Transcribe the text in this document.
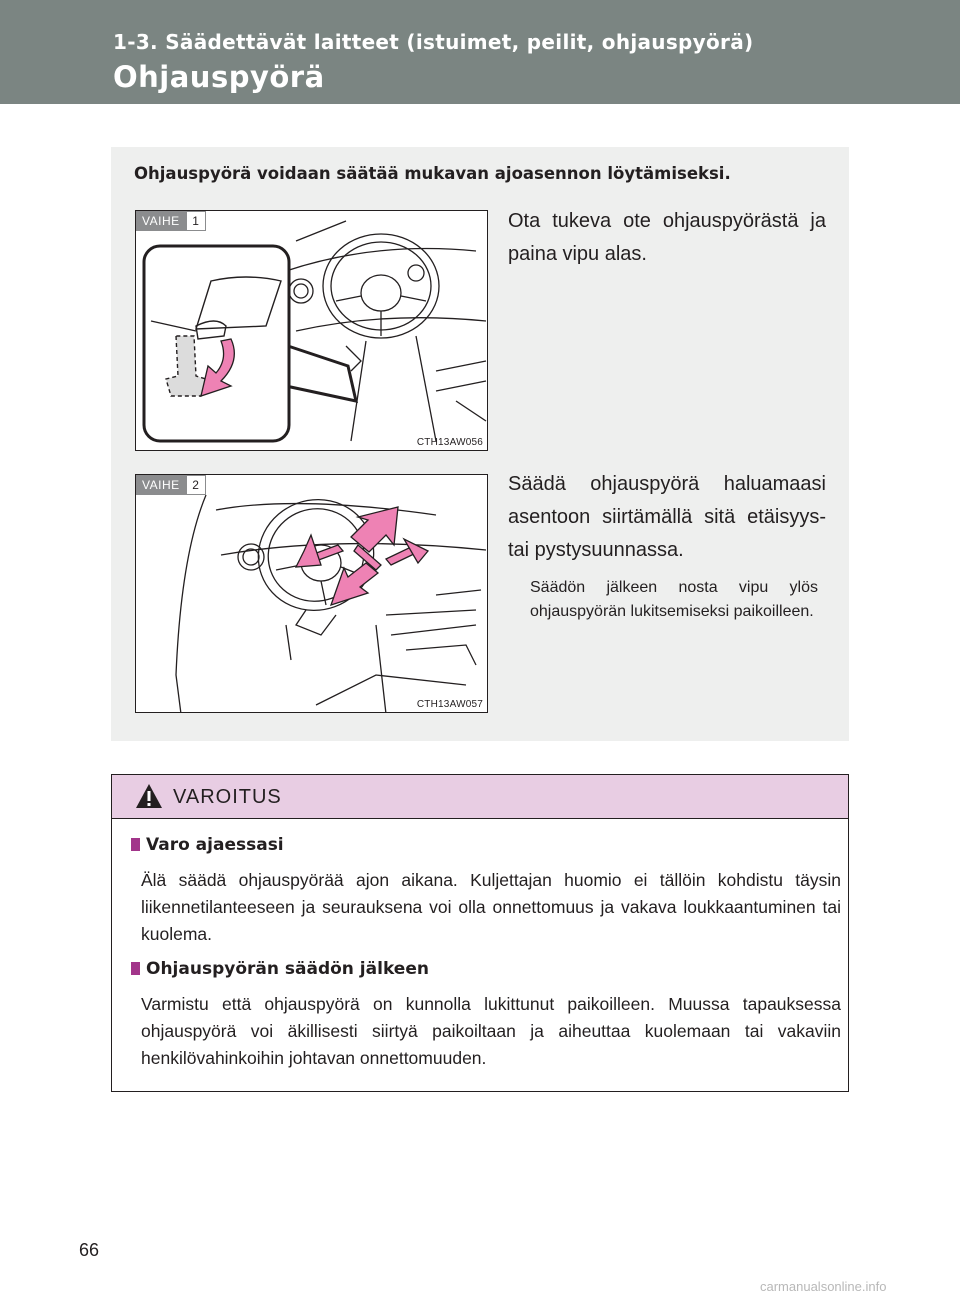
1-3. Säädettävät laitteet (istuimet, peilit, ohjauspyörä)
Ohjauspyörä
Ohjauspyörä voidaan säätää mukavan ajoasennon löytämiseksi.
VAIHE	1
CTH13AW056
Ota tukeva ote ohjauspyörästä ja paina vipu alas.
VAIHE	2
CTH13AW057
Säädä ohjauspyörä haluamaasi asentoon siirtämällä sitä etäisyys- tai pystysuunnassa.
Säädön jälkeen nosta vipu ylös ohjauspyörän lukitsemiseksi paikoilleen.
VAROITUS
Varo ajaessasi
Älä säädä ohjauspyörää ajon aikana. Kuljettajan huomio ei tällöin kohdistu täysin liikennetilanteeseen ja seurauksena voi olla onnettomuus ja vakava loukkaantuminen tai kuolema.
Ohjauspyörän säädön jälkeen
Varmistu että ohjauspyörä on kunnolla lukittunut paikoilleen. Muussa tapauksessa ohjauspyörä voi äkillisesti siirtyä paikoiltaan ja aiheuttaa kuolemaan tai vakaviin henkilövahinkoihin johtavan onnettomuuden.
66
carmanualsonline.info
